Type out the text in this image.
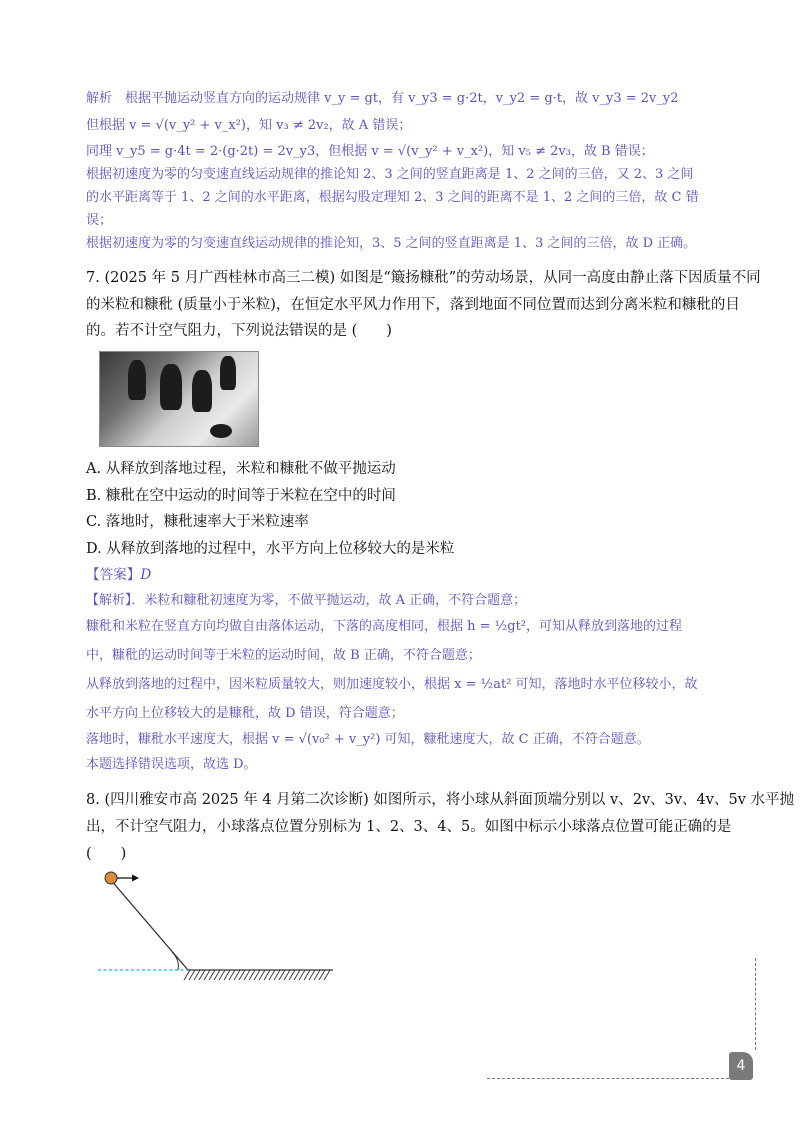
解析　根据平抛运动竖直方向的运动规律 v_y = gt，有 v_y3 = g·2t，v_y2 = g·t，故 v_y3 = 2v_y2
但根据 v = √(v_y² + v_x²)，知 v₃ ≠ 2v₂，故 A 错误；
同理 v_y5 = g·4t = 2·(g·2t) = 2v_y3，但根据 v = √(v_y² + v_x²)，知 v₅ ≠ 2v₃，故 B 错误；
根据初速度为零的匀变速直线运动规律的推论知 2、3 之间的竖直距离是 1、2 之间的三倍，又 2、3 之间
的水平距离等于 1、2 之间的水平距离，根据勾股定理知 2、3 之间的距离不是 1、2 之间的三倍，故 C 错
误；
根据初速度为零的匀变速直线运动规律的推论知，3、5 之间的竖直距离是 1、3 之间的三倍，故 D 正确。
7. (2025 年 5 月广西桂林市高三二模) 如图是“簸扬糠秕”的劳动场景，从同一高度由静止落下因质量不同
的米粒和糠秕 (质量小于米粒)，在恒定水平风力作用下，落到地面不同位置而达到分离米粒和糠秕的目
的。若不计空气阻力，下列说法错误的是 (　　)
A. 从释放到落地过程，米粒和糠秕不做平抛运动
B. 糠秕在空中运动的时间等于米粒在空中的时间
C. 落地时，糠秕速率大于米粒速率
D. 从释放到落地的过程中，水平方向上位移较大的是米粒
【答案】D
【解析】．米粒和糠秕初速度为零，不做平抛运动，故 A 正确，不符合题意；
糠秕和米粒在竖直方向均做自由落体运动，下落的高度相同，根据 h = ½gt²，可知从释放到落地的过程
中，糠秕的运动时间等于米粒的运动时间，故 B 正确，不符合题意；
从释放到落地的过程中，因米粒质量较大，则加速度较小，根据 x = ½at² 可知，落地时水平位移较小，故
水平方向上位移较大的是糠秕，故 D 错误，符合题意；
落地时，糠秕水平速度大，根据 v = √(v₀² + v_y²) 可知，糠秕速度大，故 C 正确，不符合题意。
本题选择错误选项，故选 D。
8. (四川雅安市高 2025 年 4 月第二次诊断) 如图所示，将小球从斜面顶端分别以 v、2v、3v、4v、5v 水平抛
出，不计空气阻力，小球落点位置分别标为 1、2、3、4、5。如图中标示小球落点位置可能正确的是
(　　)
4
